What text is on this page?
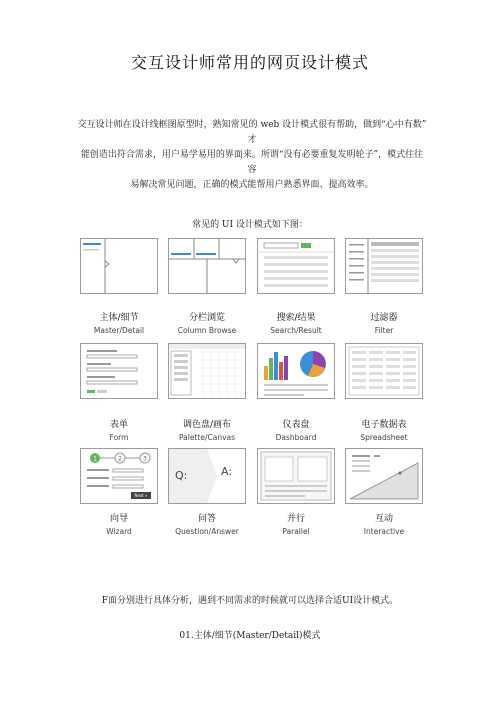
交互设计师常用的网页设计模式
交互设计师在设计线框图原型时，熟知常见的 web 设计模式很有帮助，做到“心中有数”
才
能创造出符合需求，用户易学易用的界面来。所谓“没有必要重复发明轮子”，模式往往
容
易解决常见问题，正确的模式能帮用户熟悉界面、提高效率。
常见的 UI 设计模式如下图：
主体/细节
Master/Detail
分栏浏览
Column Browse
搜索/结果
Search/Result
过滤器
Filter
表单
Form
调色盘/画布
Palette/Canvas
仪表盘
Dashboard
电子数据表
Spreadsheet
1	2	3
Next »
Q:	A:
向导
Wizard
问答
Question/Answer
并行
Parallel
互动
Interactive
F面分别进行具体分析，遇到不同需求的时候就可以选择合适UI设计模式。
01.主体/细节(Master/Detail)模式
